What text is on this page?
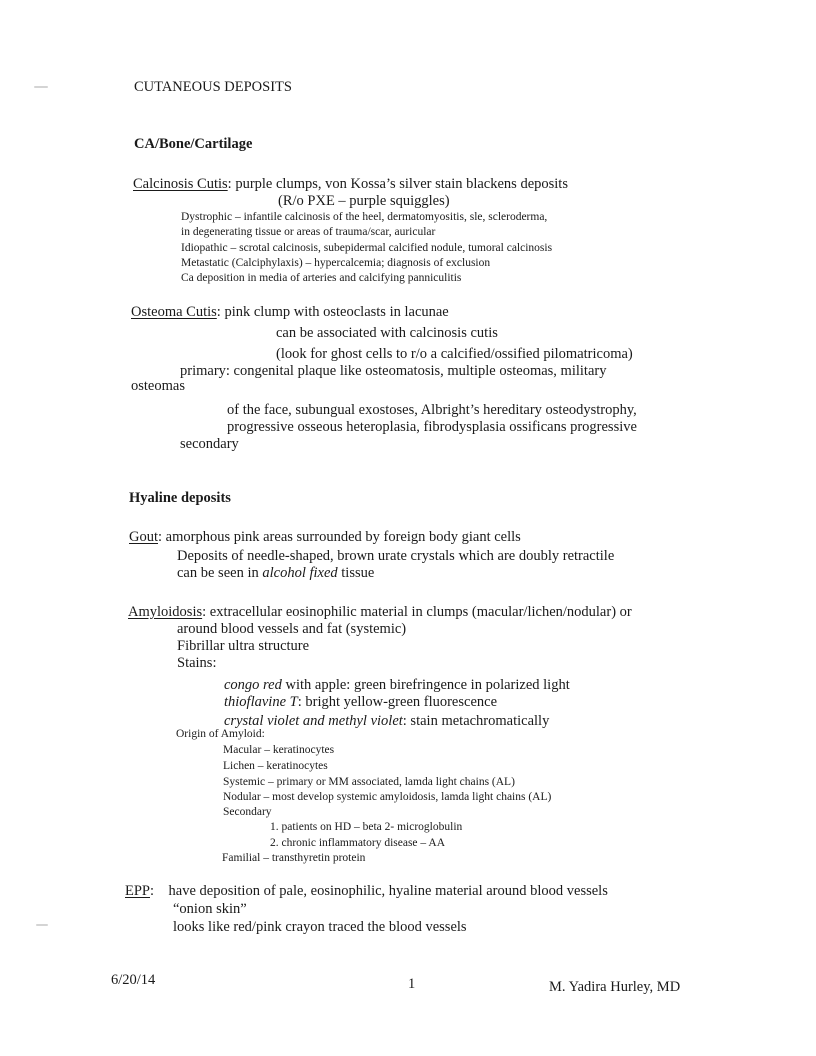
CUTANEOUS DEPOSITS
CA/Bone/Cartilage
Calcinosis Cutis: purple clumps, von Kossa’s silver stain blackens deposits
(R/o PXE – purple squiggles)
Dystrophic – infantile calcinosis of the heel, dermatomyositis, sle, scleroderma,
in degenerating tissue or areas of trauma/scar, auricular
Idiopathic – scrotal calcinosis, subepidermal calcified nodule, tumoral calcinosis
Metastatic (Calciphylaxis) – hypercalcemia; diagnosis of exclusion
Ca deposition in media of arteries and calcifying panniculitis
Osteoma Cutis: pink clump with osteoclasts in lacunae
can be associated with calcinosis cutis
(look for ghost cells to r/o a calcified/ossified pilomatricoma)
primary: congenital plaque like osteomatosis, multiple osteomas, military
osteomas
of the face, subungual exostoses, Albright’s hereditary osteodystrophy,
progressive osseous heteroplasia, fibrodysplasia ossificans progressive
secondary
Hyaline deposits
Gout: amorphous pink areas surrounded by foreign body giant cells
Deposits of needle-shaped, brown urate crystals which are doubly retractile
can be seen in alcohol fixed tissue
Amyloidosis: extracellular eosinophilic material in clumps (macular/lichen/nodular) or
around blood vessels and fat (systemic)
Fibrillar ultra structure
Stains:
congo red with apple: green birefringence in polarized light
thioflavine T: bright yellow-green fluorescence
crystal violet and methyl violet: stain metachromatically
Origin of Amyloid:
Macular – keratinocytes
Lichen – keratinocytes
Systemic – primary or MM associated, lamda light chains (AL)
Nodular – most develop systemic amyloidosis, lamda light chains (AL)
Secondary
1. patients on HD – beta 2- microglobulin
2. chronic inflammatory disease – AA
Familial – transthyretin protein
EPP:    have deposition of pale, eosinophilic, hyaline material around blood vessels
“onion skin”
looks like red/pink crayon traced the blood vessels
6/20/14	1	M. Yadira Hurley, MD
